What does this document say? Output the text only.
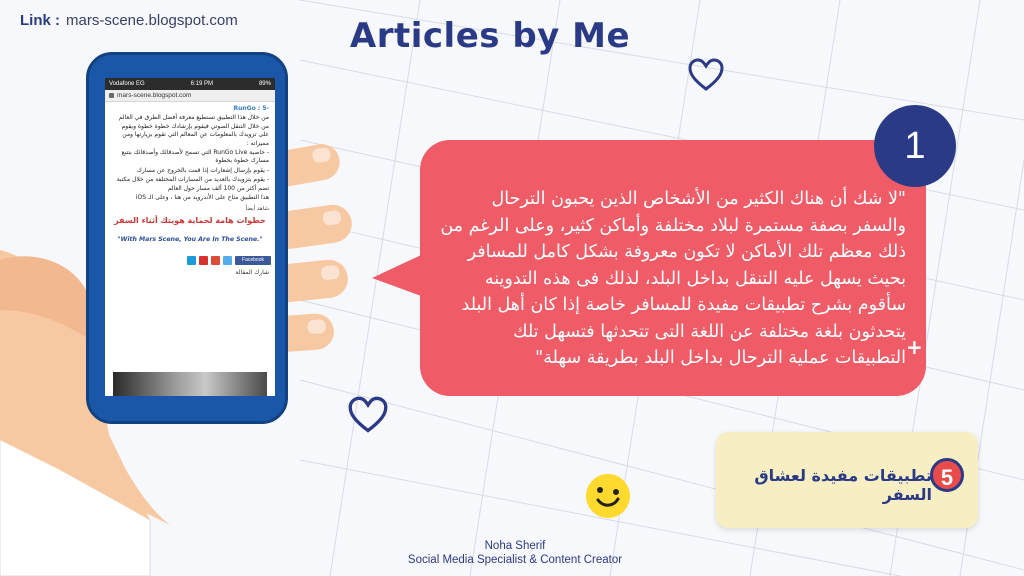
Link : mars-scene.blogspot.com	Articles by Me
Vodafone EG	6:19 PM	89%
mars-scene.blogspot.com

-5 : RunGo

من خلال هذا التطبيق تستطيع معرفة أفضل الطرق في العالم من خلال التنقل الصوتي فيقوم بإرشادك خطوة خطوة ويقوم على تزويدك بالمعلومات عن المعالم التي تقوم بزيارتها ومن مميزاته :

- خاصية RunGo Live التي تسمح لأصدقائك وأصدقائك بتتبع مسارك خطوة بخطوة

- يقوم بإرسال إشعارات إذا قمت بالخروج عن مسارك

- يقوم بتزويدك بالعديد من المسارات المختلفة من خلال مكتبة تضم أكثر من 100 ألف مسار حول العالم

هذا التطبيق متاح على الأندرويد من هنا ، وعلى الـ iOS

شاهد أيضاً

خطوات هامة لحماية هويتك أثناء السفر

"With Mars Scene, You Are In The Scene."

Facebook
شارك المقالة
"لا شك أن هناك الكثير من الأشخاص الذين يحبون الترحال والسفر بصفة مستمرة لبلاد مختلفة وأماكن كثير، وعلى الرغم من ذلك معظم تلك الأماكن لا تكون معروفة بشكل كامل للمسافر بحيث يسهل عليه التنقل بداخل البلد، لذلك فى هذه التدوينه سأقوم بشرح تطبيقات مفيدة للمسافر خاصة إذا كان أهل البلد يتحدثون بلغة مختلفة عن اللغة التى تتحدثها فتسهل تلك التطبيقات عملية الترحال بداخل البلد بطريقة سهلة" +
1
5
تطبيقات مفيدة لعشاق السفر
Noha Sherif
Social Media Specialist & Content Creator
